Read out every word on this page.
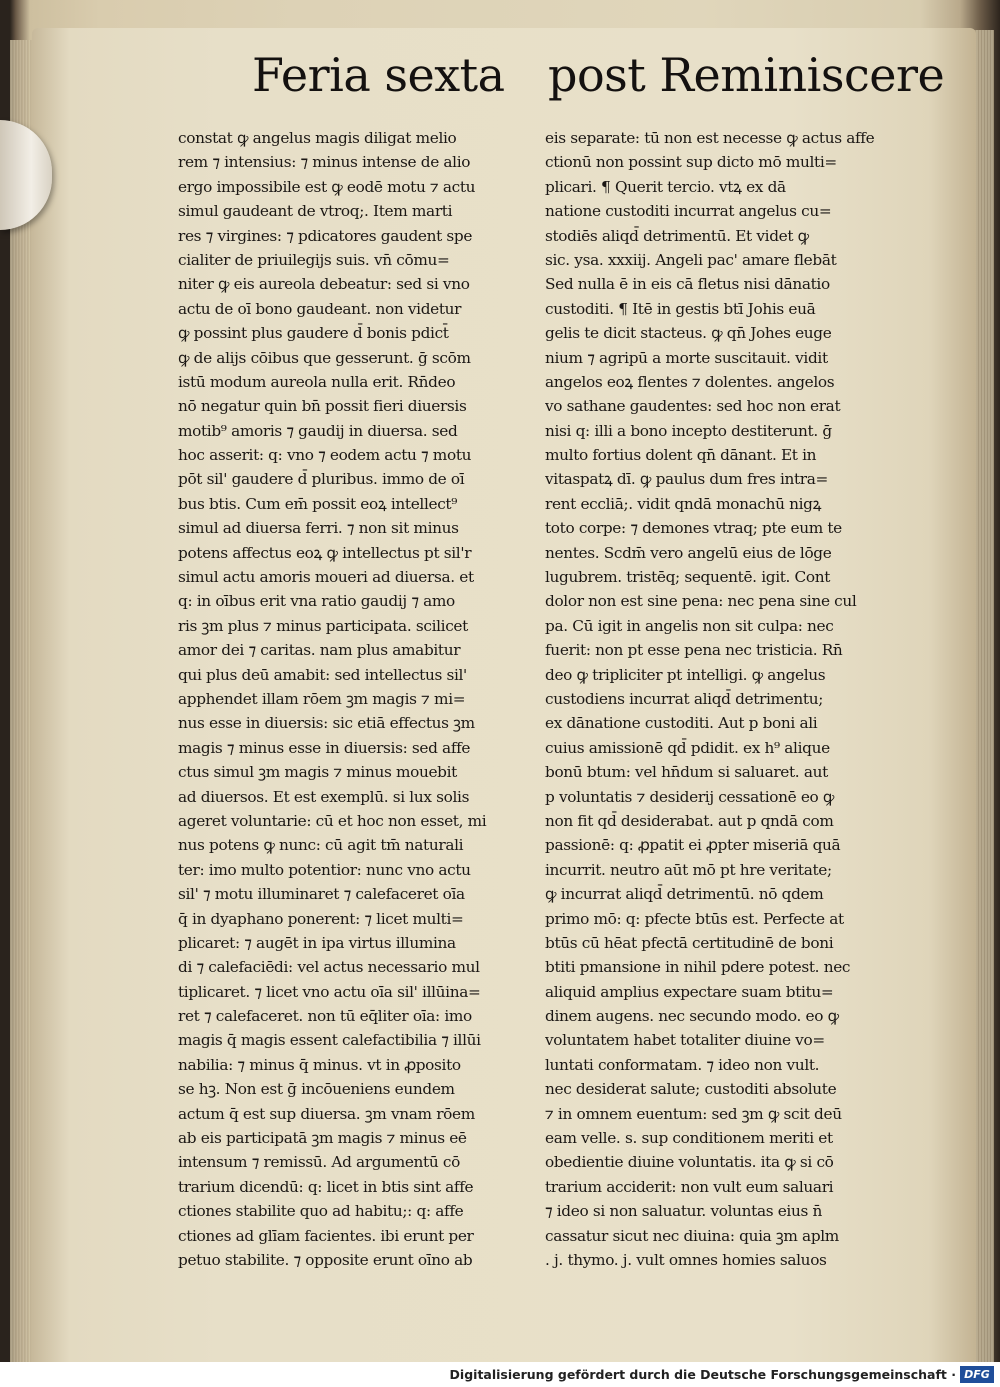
Feria sexta post Reminiscere
constat ꝙ angelus magis diligat melio
rem ⁊ intensius: ⁊ minus intense de alio
ergo impossibile est ꝙ eodē motu ⁊ actu
simul gaudeant de vtroq;. Item marti
res ⁊ virgines: ⁊ pdicatores gaudent spe
cialiter de priuilegijs suis. vn̄ cōmu=
niter ꝙ eis aureola debeatur: sed si vno
actu de oī bono gaudeant. non videtur
ꝙ possint plus gaudere d̄ bonis pdict̄
ꝙ de alijs cōibus que gesserunt. ḡ scōm
istū modum aureola nulla erit. Rn̄deo
nō negatur quin bn̄ possit fieri diuersis
motib⁹ amoris ⁊ gaudij in diuersa. sed
hoc asserit: q: vno ⁊ eodem actu ⁊ motu
pōt sil' gaudere d̄ pluribus. immo de oī
bus btis. Cum em̄ possit eoꝝ intellect⁹
simul ad diuersa ferri. ⁊ non sit minus
potens affectus eoꝝ ꝙ intellectus pt sil'r
simul actu amoris moueri ad diuersa. et
q: in oībus erit vna ratio gaudij ⁊ amo
ris ꝫm plus ⁊ minus participata. scilicet
amor dei ⁊ caritas. nam plus amabitur
qui plus deū amabit: sed intellectus sil'
apphendet illam rōem ꝫm magis ⁊ mi=
nus esse in diuersis: sic etiā effectus ꝫm
magis ⁊ minus esse in diuersis: sed affe
ctus simul ꝫm magis ⁊ minus mouebit
ad diuersos. Et est exemplū. si lux solis
ageret voluntarie: cū et hoc non esset, mi
nus potens ꝙ nunc: cū agit tm̄ naturali
ter: imo multo potentior: nunc vno actu
sil' ⁊ motu illuminaret ⁊ calefaceret oīa
q̄ in dyaphano ponerent: ⁊ licet multi=
plicaret: ⁊ augēt in ipa virtus illumina
di ⁊ calefaciēdi: vel actus necessario mul
tiplicaret. ⁊ licet vno actu oīa sil' illūina=
ret ⁊ calefaceret. non tū eq̄liter oīa: imo
magis q̄ magis essent calefactibilia ⁊ illūi
nabilia: ⁊ minus q̄ minus. vt in ꝓposito
se hꝫ. Non est ḡ incōueniens eundem
actum q̄ est sup diuersa. ꝫm vnam rōem
ab eis participatā ꝫm magis ⁊ minus eē
intensum ⁊ remissū. Ad argumentū cō
trarium dicendū: q: licet in btis sint affe
ctiones stabilite quo ad habitu;: q: affe
ctiones ad glīam facientes. ibi erunt per
petuo stabilite. ⁊ opposite erunt oīno ab
eis separate: tū non est necesse ꝙ actus affe
ctionū non possint sup dicto mō multi=
plicari. ¶ Querit tercio. vtꝝ ex dā
natione custoditi incurrat angelus cu=
stodiēs aliqd̄ detrimentū. Et videt ꝙ
sic. ysa. xxxiij. Angeli pac' amare flebāt
Sed nulla ē in eis cā fletus nisi dānatio
custoditi. ¶ Itē in gestis btī Johis euā
gelis te dicit stacteus. ꝙ qn̄ Johes euge
nium ⁊ agripū a morte suscitauit. vidit
angelos eoꝝ flentes ⁊ dolentes. angelos
vo sathane gaudentes: sed hoc non erat
nisi q: illi a bono incepto destiterunt. ḡ
multo fortius dolent qn̄ dānant. Et in
vitaspatꝝ dī. ꝙ paulus dum fres intra=
rent eccliā;. vidit qndā monachū nigꝝ
toto corpe: ⁊ demones vtraq; pte eum te
nentes. Scdm̄ vero angelū eius de lōge
lugubrem. tristēq; sequentē. igit. Cont
dolor non est sine pena: nec pena sine cul
pa. Cū igit in angelis non sit culpa: nec
fuerit: non pt esse pena nec tristicia. Rn̄
deo ꝙ tripliciter pt intelligi. ꝙ angelus
custodiens incurrat aliqd̄ detrimentu;
ex dānatione custoditi. Aut p boni ali
cuius amissionē qd̄ pdidit. ex h⁹ alique
bonū btum: vel hn̄dum si saluaret. aut
p voluntatis ⁊ desiderij cessationē eo ꝙ
non fit qd̄ desiderabat. aut p qndā com
passionē: q: ꝓpatit ei ꝓpter miseriā quā
incurrit. neutro aūt mō pt hre veritate;
ꝙ incurrat aliqd̄ detrimentū. nō qdem
primo mō: q: pfecte btūs est. Perfecte at
btūs cū hēat pfectā certitudinē de boni
btiti pmansione in nihil pdere potest. nec
aliquid amplius expectare suam btitu=
dinem augens. nec secundo modo. eo ꝙ
voluntatem habet totaliter diuine vo=
luntati conformatam. ⁊ ideo non vult.
nec desiderat salute; custoditi absolute
⁊ in omnem euentum: sed ꝫm ꝙ scit deū
eam velle. s. sup conditionem meriti et
obedientie diuine voluntatis. ita ꝙ si cō
trarium acciderit: non vult eum saluari
⁊ ideo si non saluatur. voluntas eius n̄
cassatur sicut nec diuina: quia ꝫm aplm
. j. thymo. j. vult omnes homies saluos
Digitalisierung gefördert durch die Deutsche Forschungsgemeinschaft · DFG
